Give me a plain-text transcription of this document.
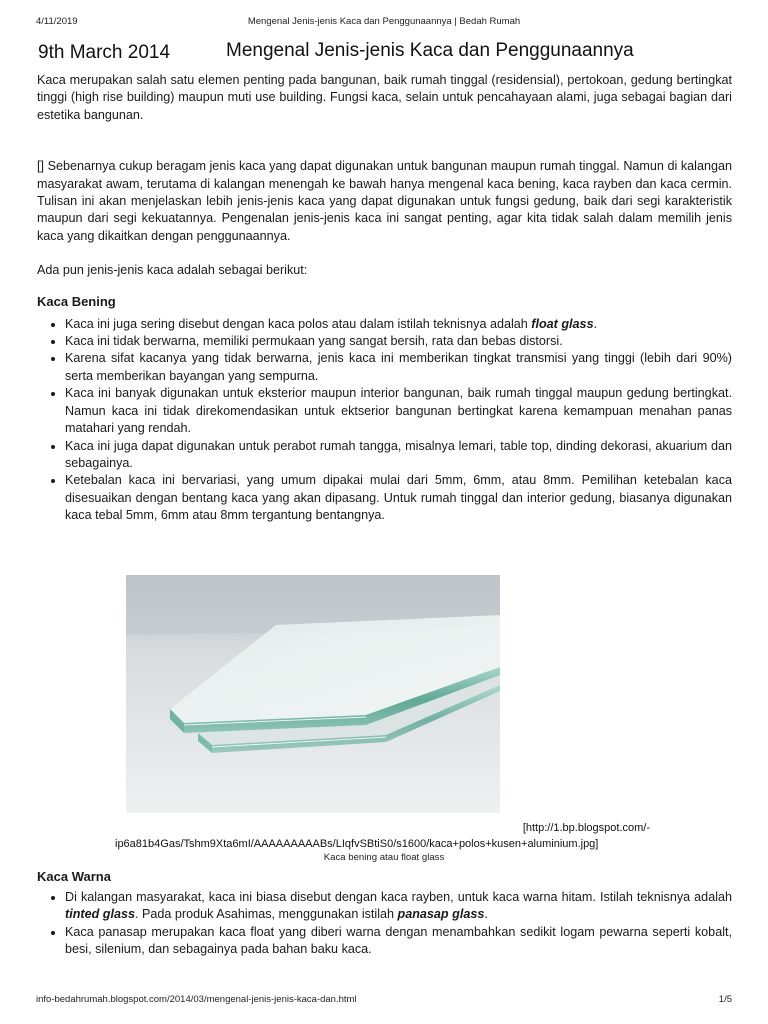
4/11/2019	Mengenal Jenis-jenis Kaca dan Penggunaannya | Bedah Rumah
9th March 2014	Mengenal Jenis-jenis Kaca dan Penggunaannya

Kaca merupakan salah satu elemen penting pada bangunan, baik rumah tinggal (residensial), pertokoan, gedung bertingkat tinggi (high rise building) maupun muti use building. Fungsi kaca, selain untuk pencahayaan alami, juga sebagai bagian dari estetika bangunan.

[] Sebenarnya cukup beragam jenis kaca yang dapat digunakan untuk bangunan maupun rumah tinggal. Namun di kalangan masyarakat awam, terutama di kalangan menengah ke bawah hanya mengenal kaca bening, kaca rayben dan kaca cermin. Tulisan ini akan menjelaskan lebih jenis-jenis kaca yang dapat digunakan untuk fungsi gedung, baik dari segi karakteristik maupun dari segi kekuatannya. Pengenalan jenis-jenis kaca ini sangat penting, agar kita tidak salah dalam memilih jenis kaca yang dikaitkan dengan penggunaannya.

Ada pun jenis-jenis kaca adalah sebagai berikut:

Kaca Bening
• Kaca ini juga sering disebut dengan kaca polos atau dalam istilah teknisnya adalah float glass.
• Kaca ini tidak berwarna, memiliki permukaan yang sangat bersih, rata dan bebas distorsi.
• Karena sifat kacanya yang tidak berwarna, jenis kaca ini memberikan tingkat transmisi yang tinggi (lebih dari 90%) serta memberikan bayangan yang sempurna.
• Kaca ini banyak digunakan untuk eksterior maupun interior bangunan, baik rumah tinggal maupun gedung bertingkat. Namun kaca ini tidak direkomendasikan untuk ektserior bangunan bertingkat karena kemampuan menahan panas matahari yang rendah.
• Kaca ini juga dapat digunakan untuk perabot rumah tangga, misalnya lemari, table top, dinding dekorasi, akuarium dan sebagainya.
• Ketebalan kaca ini bervariasi, yang umum dipakai mulai dari 5mm, 6mm, atau 8mm. Pemilihan ketebalan kaca disesuaikan dengan bentang kaca yang akan dipasang. Untuk rumah tinggal dan interior gedung, biasanya digunakan kaca tebal 5mm, 6mm atau 8mm tergantung bentangnya.
[http://1.bp.blogspot.com/-
ip6a81b4Gas/Tshm9Xta6mI/AAAAAAAAABs/LIqfvSBtiS0/s1600/kaca+polos+kusen+aluminium.jpg]
Kaca bening atau float glass
Kaca Warna
• Di kalangan masyarakat, kaca ini biasa disebut dengan kaca rayben, untuk kaca warna hitam. Istilah teknisnya adalah tinted glass. Pada produk Asahimas, menggunakan istilah panasap glass.
• Kaca panasap merupakan kaca float yang diberi warna dengan menambahkan sedikit logam pewarna seperti kobalt, besi, silenium, dan sebagainya pada bahan baku kaca.
info-bedahrumah.blogspot.com/2014/03/mengenal-jenis-jenis-kaca-dan.html	1/5
